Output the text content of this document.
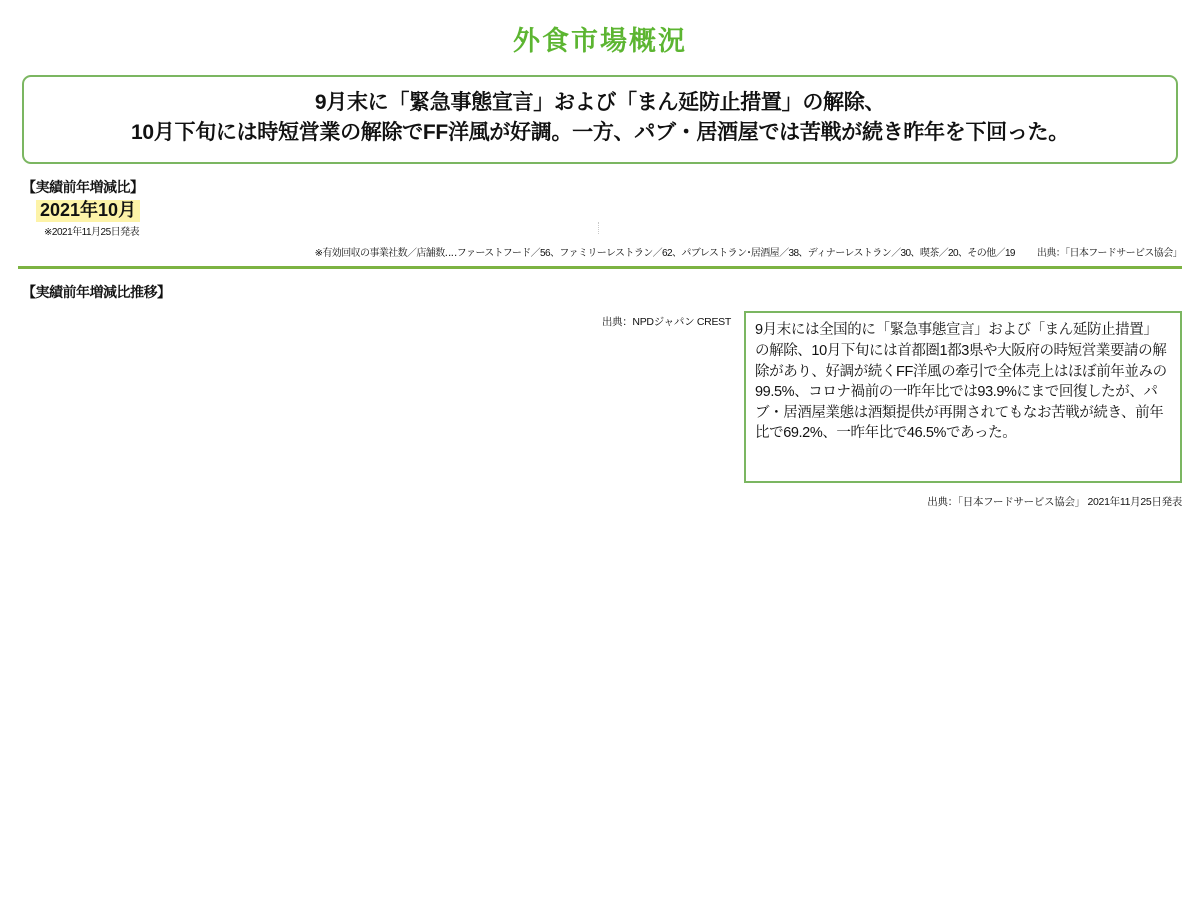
外食市場概況
9月末に「緊急事態宣言」および「まん延防止措置」の解除、
10月下旬には時短営業の解除でFF洋風が好調。一方、パブ・居酒屋では苦戦が続き昨年を下回った。
【実績前年増減比】
2021年10月
※2021年11月25日発表
※有効回収の事業社数／店舗数‥‥ファーストフード／56、ファミリーレストラン／62、パブレストラン･居酒屋／38、ディナーレストラン／30、喫茶／20、その他／19 出典：「日本フードサービス協会」
【実績前年増減比推移】
出典：NPDジャパン CREST	9月末には全国的に「緊急事態宣言」および「まん延防止措置」の解除、10月下旬には首都圏1都3県や大阪府の時短営業要請の解除があり、好調が続くFF洋風の牽引で全体売上はほぼ前年並みの99.5%、コロナ禍前の一昨年比では93.9%にまで回復したが、パブ・居酒屋業態は酒類提供が再開されてもなお苦戦が続き、前年比で69.2%、一昨年比で46.5%であった。
出典：「日本フードサービス協会」 2021年11月25日発表
